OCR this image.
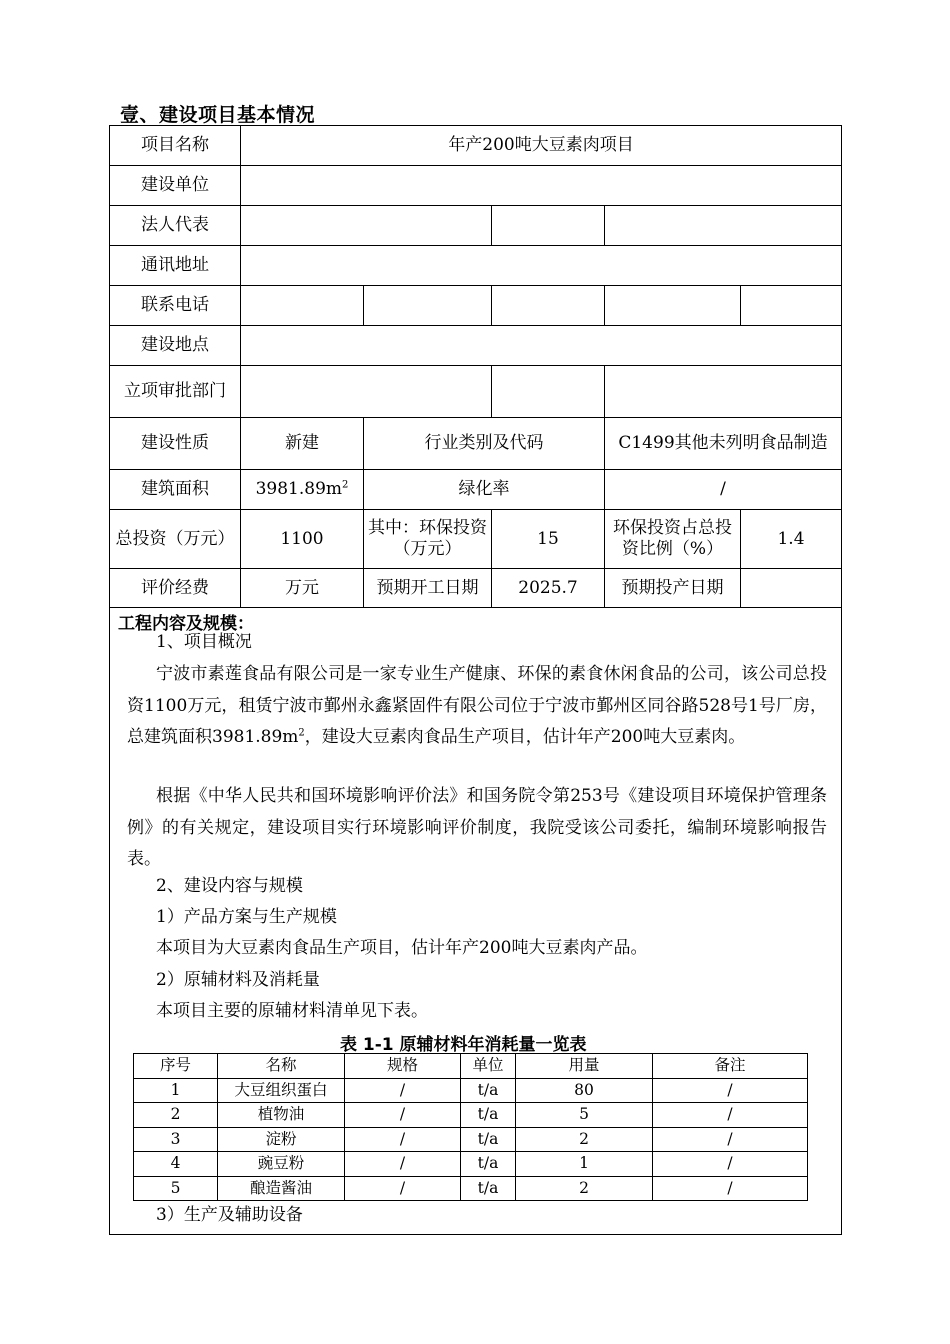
壹、建设项目基本情况
项目名称	年产200吨大豆素肉项目				
建设单位					
法人代表					
通讯地址					
联系电话					
建设地点					
立项审批部门					
建设性质	新建	行业类别及代码		C1499其他未列明食品制造	
建筑面积	$3981.89m^2$	绿化率		/	
总投资（万元）	1100	其中：环保投资（万元）	15	环保投资占总投资比例（%）	1.4
评价经费	万元	预期开工日期	2025.7	预期投产日期	
工程内容及规模：
1、项目概况
宁波市素莲食品有限公司是一家专业生产健康、环保的素食休闲食品的公司，该公司总投资1100万元，租赁宁波市鄞州永鑫紧固件有限公司位于宁波市鄞州区同谷路528号1号厂房，总建筑面积$3981.89m^2$，建设大豆素肉食品生产项目，估计年产200吨大豆素肉。
根据《中华人民共和国环境影响评价法》和国务院令第253号《建设项目环境保护管理条例》的有关规定，建设项目实行环境影响评价制度，我院受该公司委托，编制环境影响报告表。
2、建设内容与规模
1）产品方案与生产规模
本项目为大豆素肉食品生产项目，估计年产200吨大豆素肉产品。
2）原辅材料及消耗量
本项目主要的原辅材料清单见下表。
表 1-1 原辅材料年消耗量一览表
序号	名称	规格	单位	用量	备注
1	大豆组织蛋白	/	t/a	80	/
2	植物油	/	t/a	5	/
3	淀粉	/	t/a	2	/
4	豌豆粉	/	t/a	1	/
5	酿造酱油	/	t/a	2	/
3）生产及辅助设备
